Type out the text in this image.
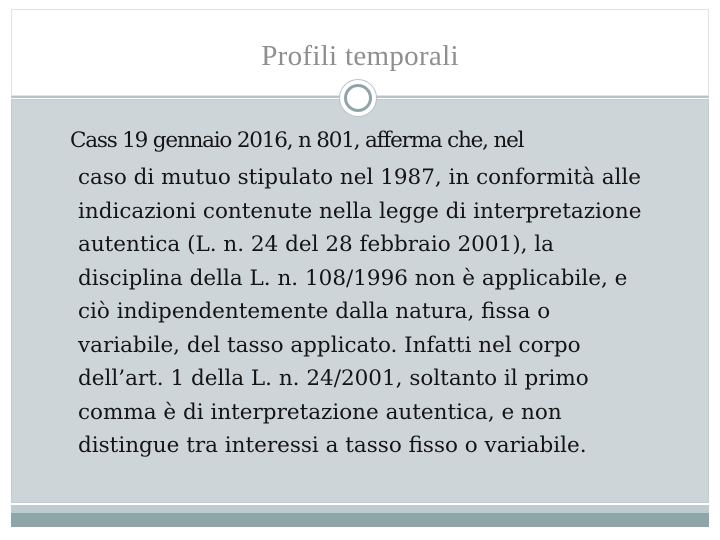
Profili temporali
Cass 19 gennaio 2016, n 801, afferma che, nel
caso di mutuo stipulato nel 1987, in conformità alle
indicazioni contenute nella legge di interpretazione
autentica (L. n. 24 del 28 febbraio 2001), la
disciplina della L. n. 108/1996 non è applicabile, e
ciò indipendentemente dalla natura, fissa o
variabile, del tasso applicato. Infatti nel corpo
dell’art. 1 della L. n. 24/2001, soltanto il primo
comma è di interpretazione autentica, e non
distingue tra interessi a tasso fisso o variabile.
